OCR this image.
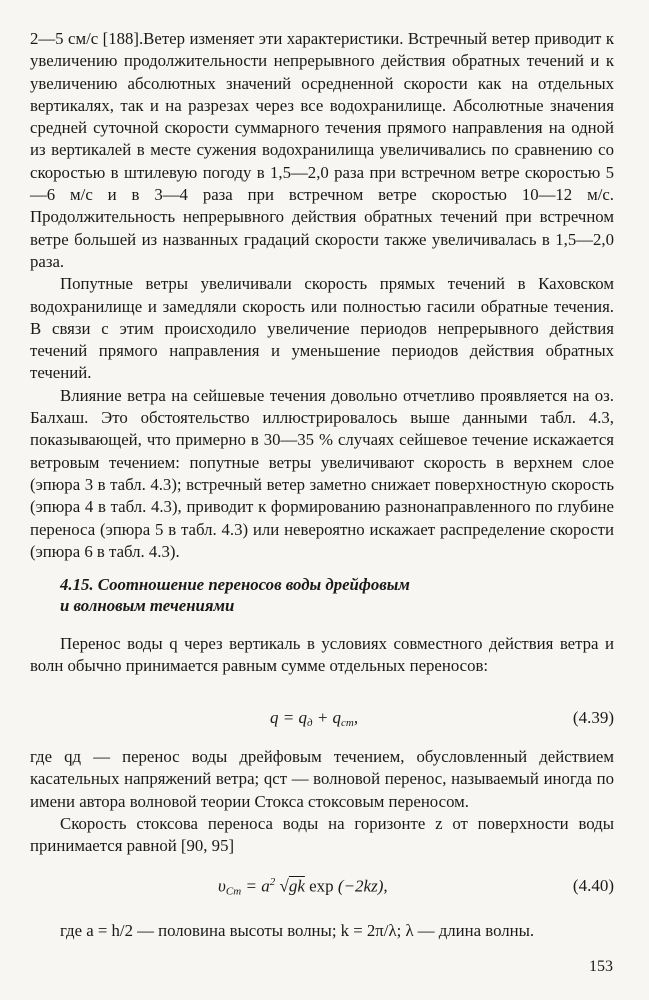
2—5 см/с [188].Ветер изменяет эти характеристики. Встречный ветер приводит к увеличению продолжительности непрерывного действия обратных течений и к увеличению абсолютных значений осредненной скорости как на отдельных вертикалях, так и на разрезах через все водохранилище. Абсолютные значения средней суточной скорости суммарного течения прямого направления на одной из вертикалей в месте сужения водохранилища увеличивались по сравнению со скоростью в штилевую погоду в 1,5—2,0 раза при встречном ветре скоростью 5—6 м/с и в 3—4 раза при встречном ветре скоростью 10—12 м/с. Продолжительность непрерывного действия обратных течений при встречном ветре большей из названных градаций скорости также увеличивалась в 1,5—2,0 раза.

Попутные ветры увеличивали скорость прямых течений в Каховском водохранилище и замедляли скорость или полностью гасили обратные течения. В связи с этим происходило увеличение периодов непрерывного действия течений прямого направления и уменьшение периодов действия обратных течений.

Влияние ветра на сейшевые течения довольно отчетливо проявляется на оз. Балхаш. Это обстоятельство иллюстрировалось выше данными табл. 4.3, показывающей, что примерно в 30—35 % случаях сейшевое течение искажается ветровым течением: попутные ветры увеличивают скорость в верхнем слое (эпюра 3 в табл. 4.3); встречный ветер заметно снижает поверхностную скорость (эпюра 4 в табл. 4.3), приводит к формированию разнонаправленного по глубине переноса (эпюра 5 в табл. 4.3) или невероятно искажает распределение скорости (эпюра 6 в табл. 4.3).

4.15. Соотношение переносов воды дрейфовым
и волновым течениями

Перенос воды q через вертикаль в условиях совместного действия ветра и волн обычно принимается равным сумме отдельных переносов:

$q = q_д + q_{ст}$,	(4.39)

где qд — перенос воды дрейфовым течением, обусловленный действием касательных напряжений ветра; qст — волновой перенос, называемый иногда по имени автора волновой теории Стокса стоксовым переносом.

Скорость стоксова переноса воды на горизонте z от поверхности воды принимается равной [90, 95]

$\upsilon_{Ст} = a^2$ √gk exp (−2kz),	(4.40)

где a = h/2 — половина высоты волны; k = 2π/λ; λ — длина волны.

153
